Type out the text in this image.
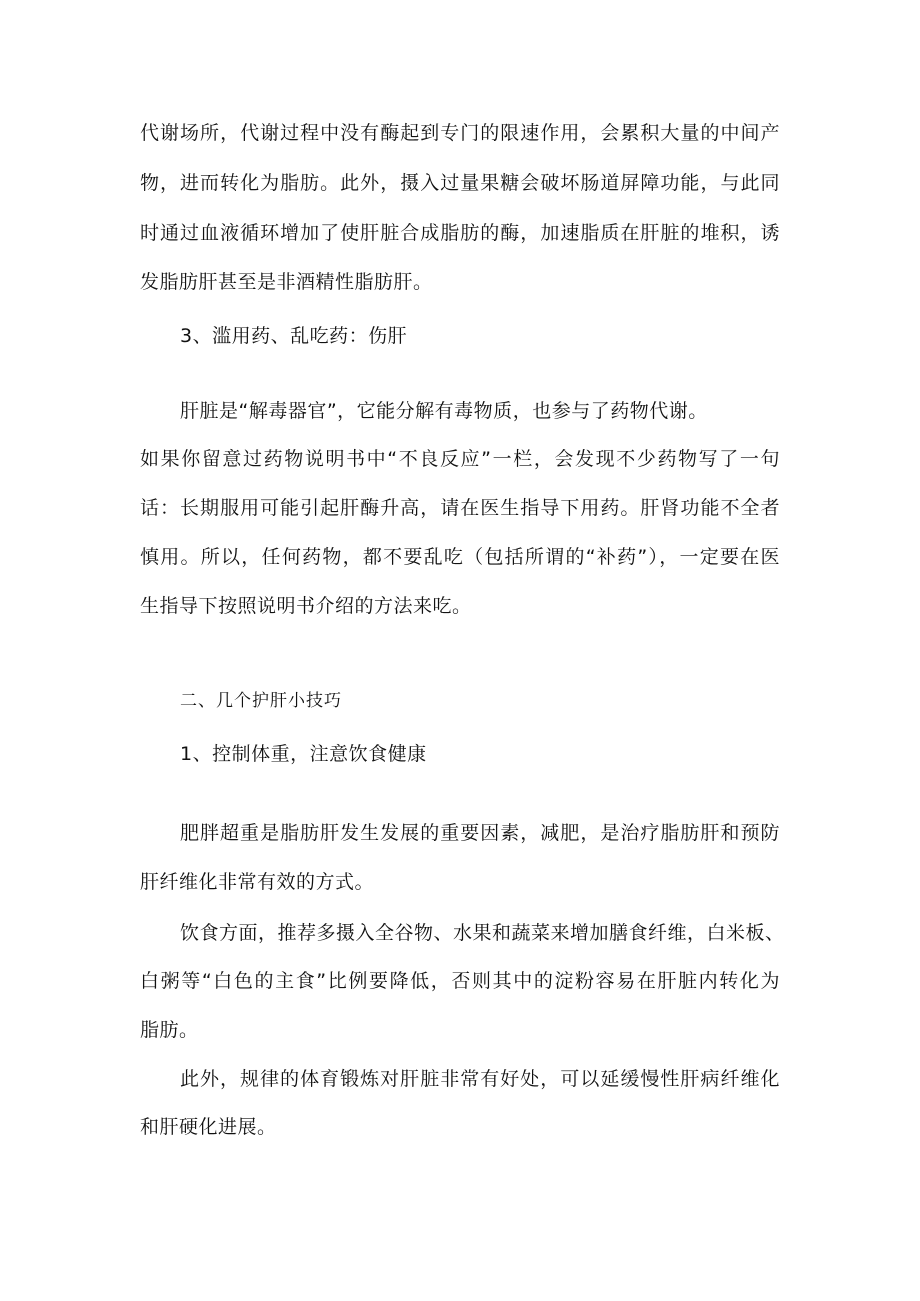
代谢场所，代谢过程中没有酶起到专门的限速作用，会累积大量的中间产
物，进而转化为脂肪。此外，摄入过量果糖会破坏肠道屏障功能，与此同
时通过血液循环增加了使肝脏合成脂肪的酶，加速脂质在肝脏的堆积，诱
发脂肪肝甚至是非酒精性脂肪肝。
3、滥用药、乱吃药：伤肝
肝脏是“解毒器官”，它能分解有毒物质，也参与了药物代谢。
如果你留意过药物说明书中“不良反应”一栏，会发现不少药物写了一句
话：长期服用可能引起肝酶升高，请在医生指导下用药。肝肾功能不全者
慎用。所以，任何药物，都不要乱吃（包括所谓的“补药”），一定要在医
生指导下按照说明书介绍的方法来吃。
二、几个护肝小技巧
1、控制体重，注意饮食健康
肥胖超重是脂肪肝发生发展的重要因素，减肥，是治疗脂肪肝和预防
肝纤维化非常有效的方式。
饮食方面，推荐多摄入全谷物、水果和蔬菜来增加膳食纤维，白米板、
白粥等“白色的主食”比例要降低，否则其中的淀粉容易在肝脏内转化为
脂肪。
此外，规律的体育锻炼对肝脏非常有好处，可以延缓慢性肝病纤维化
和肝硬化进展。
